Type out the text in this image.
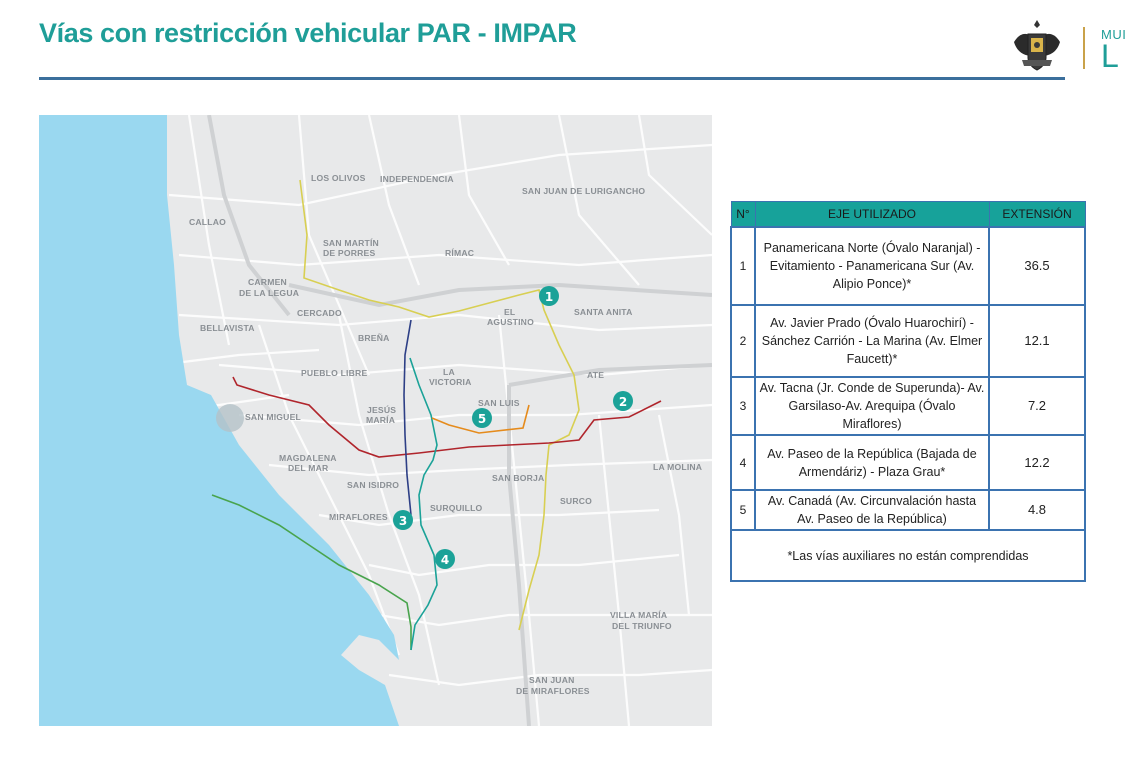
Vías con restricción vehicular PAR - IMPAR	MUI
L
LOS OLIVOS INDEPENDENCIA
SAN JUAN DE LURIGANCHO
CALLAO
SAN MARTÍN
DE PORRES	RÍMAC
CARMEN
DE LA LEGUA
CERCADO	EL
AGUSTINO
SANTA ANITA
BELLAVISTA
BREÑA
PUEBLO LIBRE	LA
VICTORIA
ATE
SAN LUIS
SAN MIGUEL
JESÚS
MARÍA
MAGDALENA
DEL MAR	LA MOLINA
SAN ISIDRO
SAN BORJA
SURCO
MIRAFLORES
SURQUILLO
VILLA MARÍA
DEL TRIUNFO
SAN JUAN
DE MIRAFLORES
1
2
3
4
5
N°	EJE UTILIZADO	EXTENSIÓN
1	Panamericana Norte (Óvalo Naranjal) - Evitamiento - Panamericana Sur (Av. Alipio Ponce)*	36.5
2	Av. Javier Prado (Óvalo Huarochirí) - Sánchez Carrión - La Marina (Av. Elmer Faucett)*	12.1
3	Av. Tacna (Jr. Conde de Superunda)- Av. Garsilaso-Av. Arequipa (Óvalo Miraflores)	7.2
4	Av. Paseo de la República (Bajada de Armendáriz) - Plaza Grau*	12.2
5	Av. Canadá (Av. Circunvalación hasta Av. Paseo de la República)	4.8
*Las vías auxiliares no están comprendidas		
